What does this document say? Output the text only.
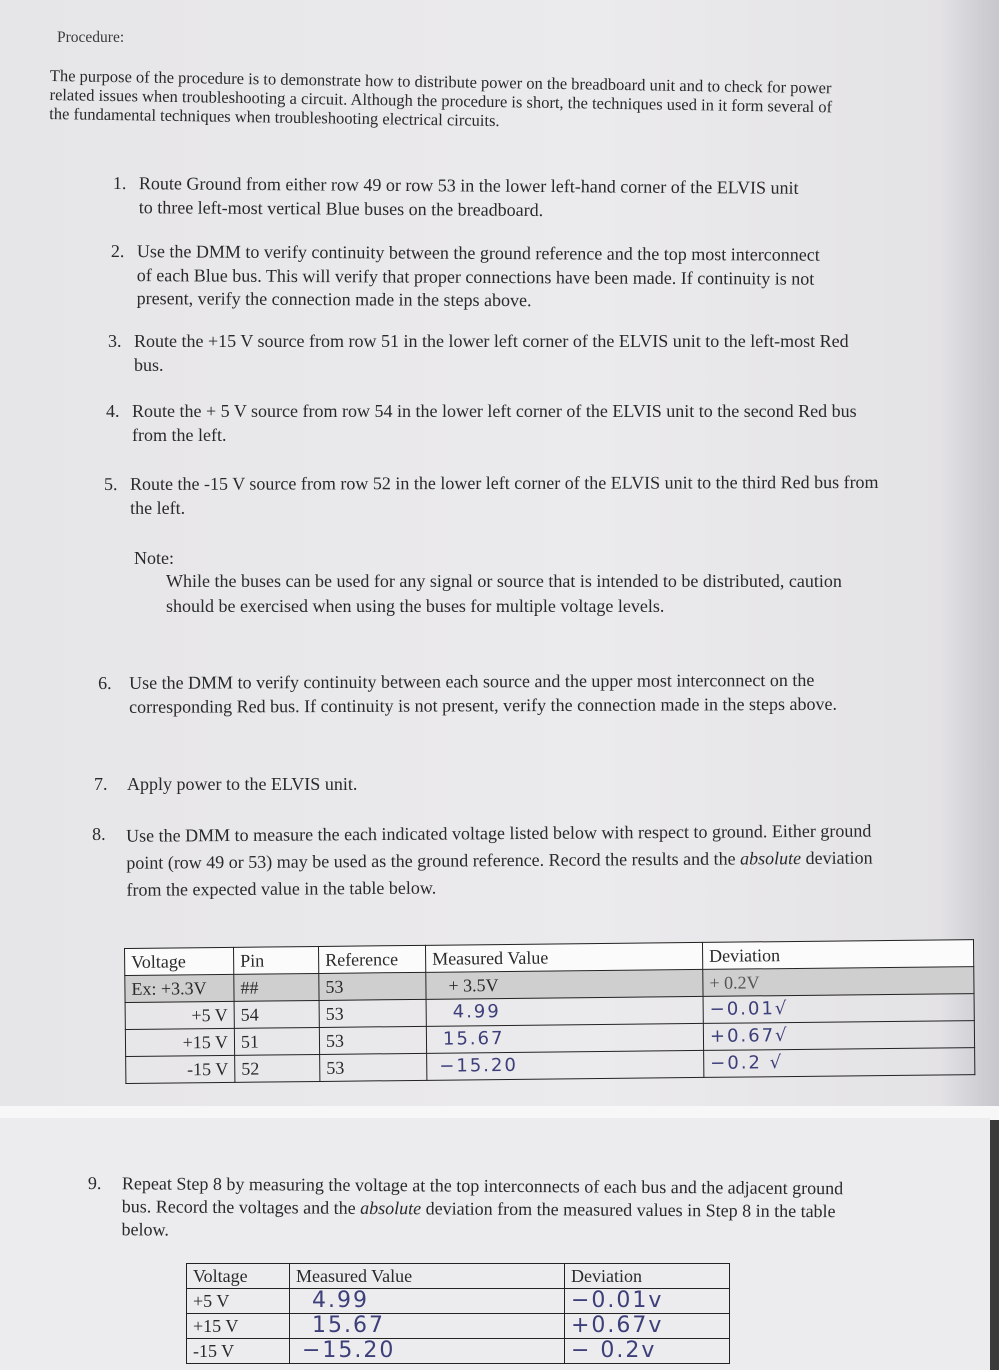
Procedure:
The purpose of the procedure is to demonstrate how to distribute power on the breadboard unit and to check for power related issues when troubleshooting a circuit. Although the procedure is short, the techniques used in it form several of the fundamental techniques when troubleshooting electrical circuits.
1. Route Ground from either row 49 or row 53 in the lower left-hand corner of the ELVIS unit to three left-most vertical Blue buses on the breadboard.
2. Use the DMM to verify continuity between the ground reference and the top most interconnect of each Blue bus. This will verify that proper connections have been made. If continuity is not present, verify the connection made in the steps above.
3. Route the +15 V source from row 51 in the lower left corner of the ELVIS unit to the left-most Red bus.
4. Route the + 5 V source from row 54 in the lower left corner of the ELVIS unit to the second Red bus from the left.
5. Route the -15 V source from row 52 in the lower left corner of the ELVIS unit to the third Red bus from the left.
Note:
While the buses can be used for any signal or source that is intended to be distributed, caution should be exercised when using the buses for multiple voltage levels.
6. Use the DMM to verify continuity between each source and the upper most interconnect on the corresponding Red bus. If continuity is not present, verify the connection made in the steps above.
7.	Apply power to the ELVIS unit.
8.	Use the DMM to measure the each indicated voltage listed below with respect to ground. Either ground point (row 49 or 53) may be used as the ground reference. Record the results and the absolute deviation from the expected value in the table below.
Voltage	Pin	Reference	Measured Value	Deviation
Ex: +3.3V	##	53	+ 3.5V	+ 0.2V
+5 V	54	53	4.99	−0.01√
+15 V	51	53	15.67	+0.67√
-15 V	52	53	−15.20	−0.2 √
9.	Repeat Step 8 by measuring the voltage at the top interconnects of each bus and the adjacent ground bus. Record the voltages and the absolute deviation from the measured values in Step 8 in the table below.
Voltage	Measured Value	Deviation
+5 V	4.99	−0.01v
+15 V	15.67	+0.67v
-15 V	−15.20	− 0.2v
